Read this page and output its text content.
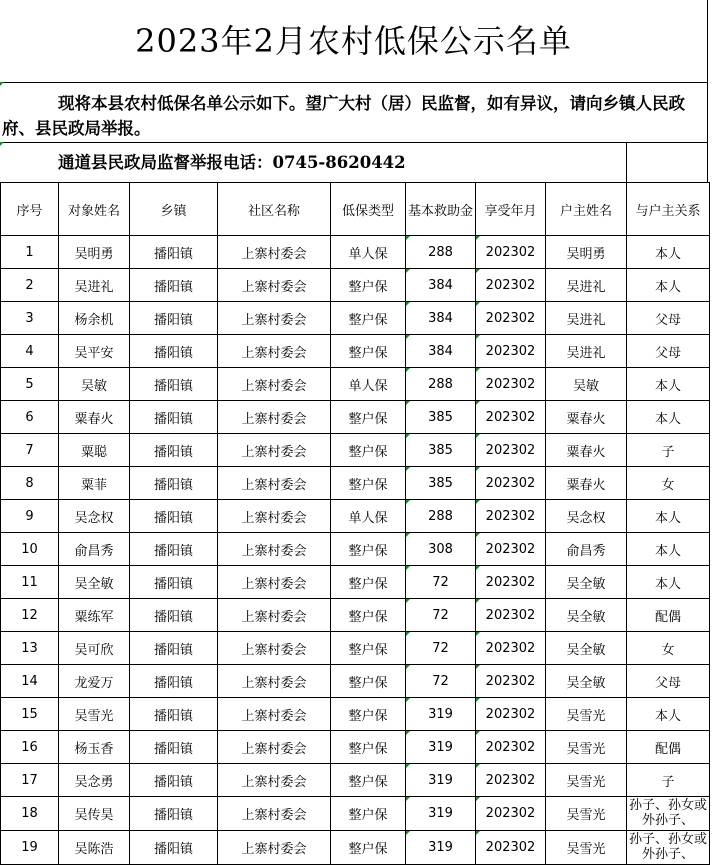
2023年2月农村低保公示名单
现将本县农村低保名单公示如下。望广大村（居）民监督，如有异议，请向乡镇人民政府、县民政局举报。
通道县民政局监督举报电话：0745-8620442
序号	对象姓名	乡镇	社区名称	低保类型	基本救助金	享受年月	户主姓名	与户主关系
1	吴明勇	播阳镇	上寨村委会	单人保	288	202302	吴明勇	本人
2	吴进礼	播阳镇	上寨村委会	整户保	384	202302	吴进礼	本人
3	杨余机	播阳镇	上寨村委会	整户保	384	202302	吴进礼	父母
4	吴平安	播阳镇	上寨村委会	整户保	384	202302	吴进礼	父母
5	吴敏	播阳镇	上寨村委会	单人保	288	202302	吴敏	本人
6	粟春火	播阳镇	上寨村委会	整户保	385	202302	粟春火	本人
7	粟聪	播阳镇	上寨村委会	整户保	385	202302	粟春火	子
8	粟菲	播阳镇	上寨村委会	整户保	385	202302	粟春火	女
9	吴念权	播阳镇	上寨村委会	单人保	288	202302	吴念权	本人
10	俞昌秀	播阳镇	上寨村委会	整户保	308	202302	俞昌秀	本人
11	吴全敏	播阳镇	上寨村委会	整户保	72	202302	吴全敏	本人
12	粟练军	播阳镇	上寨村委会	整户保	72	202302	吴全敏	配偶
13	吴可欣	播阳镇	上寨村委会	整户保	72	202302	吴全敏	女
14	龙爱万	播阳镇	上寨村委会	整户保	72	202302	吴全敏	父母
15	吴雪光	播阳镇	上寨村委会	整户保	319	202302	吴雪光	本人
16	杨玉香	播阳镇	上寨村委会	整户保	319	202302	吴雪光	配偶
17	吴念勇	播阳镇	上寨村委会	整户保	319	202302	吴雪光	子
18	吴传昊	播阳镇	上寨村委会	整户保	319	202302	吴雪光	孙子、孙女或外孙子、
19	吴陈浩	播阳镇	上寨村委会	整户保	319	202302	吴雪光	孙子、孙女或外孙子、
